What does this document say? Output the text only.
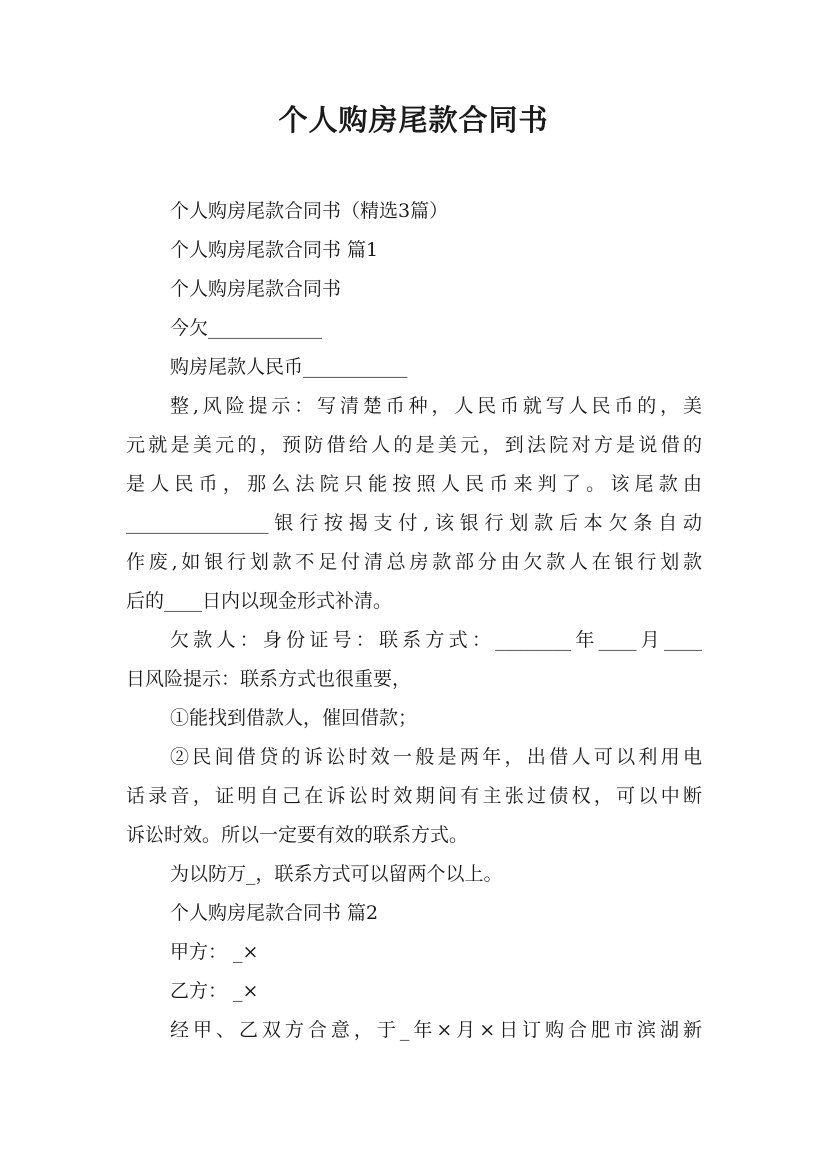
个人购房尾款合同书
个人购房尾款合同书（精选3篇）
个人购房尾款合同书 篇1
个人购房尾款合同书
今欠____________
购房尾款人民币___________
整,风险提示：写清楚币种，人民币就写人民币的，美
元就是美元的，预防借给人的是美元，到法院对方是说借的
是人民币，那么法院只能按照人民币来判了。该尾款由
_______________银行按揭支付,该银行划款后本欠条自动
作废,如银行划款不足付清总房款部分由欠款人在银行划款
后的____日内以现金形式补清。
欠款人：身份证号：联系方式：________年____月____
日风险提示：联系方式也很重要，
①能找到借款人，催回借款；
②民间借贷的诉讼时效一般是两年，出借人可以利用电
话录音，证明自己在诉讼时效期间有主张过债权，可以中断
诉讼时效。所以一定要有效的联系方式。
为以防万_，联系方式可以留两个以上。
个人购房尾款合同书 篇2
甲方： _×
乙方： _×
经甲、乙双方合意，于_年×月×日订购合肥市滨湖新
